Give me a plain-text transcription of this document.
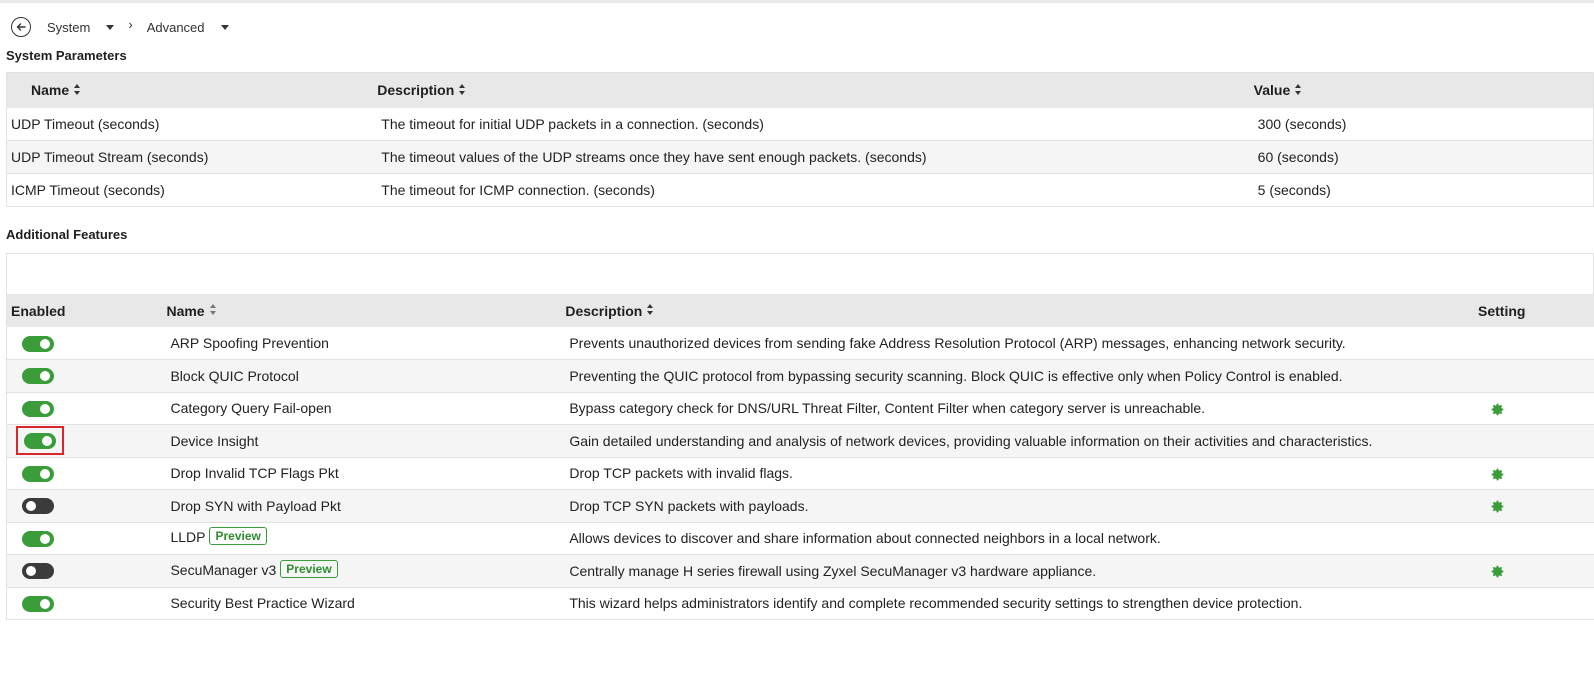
System	› Advanced
System Parameters
Name	Description	Value
UDP Timeout (seconds)	The timeout for initial UDP packets in a connection. (seconds)	300 (seconds)
UDP Timeout Stream (seconds)	The timeout values of the UDP streams once they have sent enough packets. (seconds)	60 (seconds)
ICMP Timeout (seconds)	The timeout for ICMP connection. (seconds)	5 (seconds)
Additional Features
Enabled	Name	Description	Setting

	ARP Spoofing Prevention	Prevents unauthorized devices from sending fake Address Resolution Protocol (ARP) messages, enhancing network security.	

	Block QUIC Protocol	Preventing the QUIC protocol from bypassing security scanning. Block QUIC is effective only when Policy Control is enabled.	

	Category Query Fail-open	Bypass category check for DNS/URL Threat Filter, Content Filter when category server is unreachable.	

	Device Insight	Gain detailed understanding and analysis of network devices, providing valuable information on their activities and characteristics.	

	Drop Invalid TCP Flags Pkt	Drop TCP packets with invalid flags.	

	Drop SYN with Payload Pkt	Drop TCP SYN packets with payloads.	

	LLDP Preview	Allows devices to discover and share information about connected neighbors in a local network.	

	SecuManager v3 Preview	Centrally manage H series firewall using Zyxel SecuManager v3 hardware appliance.	

	Security Best Practice Wizard	This wizard helps administrators identify and complete recommended security settings to strengthen device protection.	
